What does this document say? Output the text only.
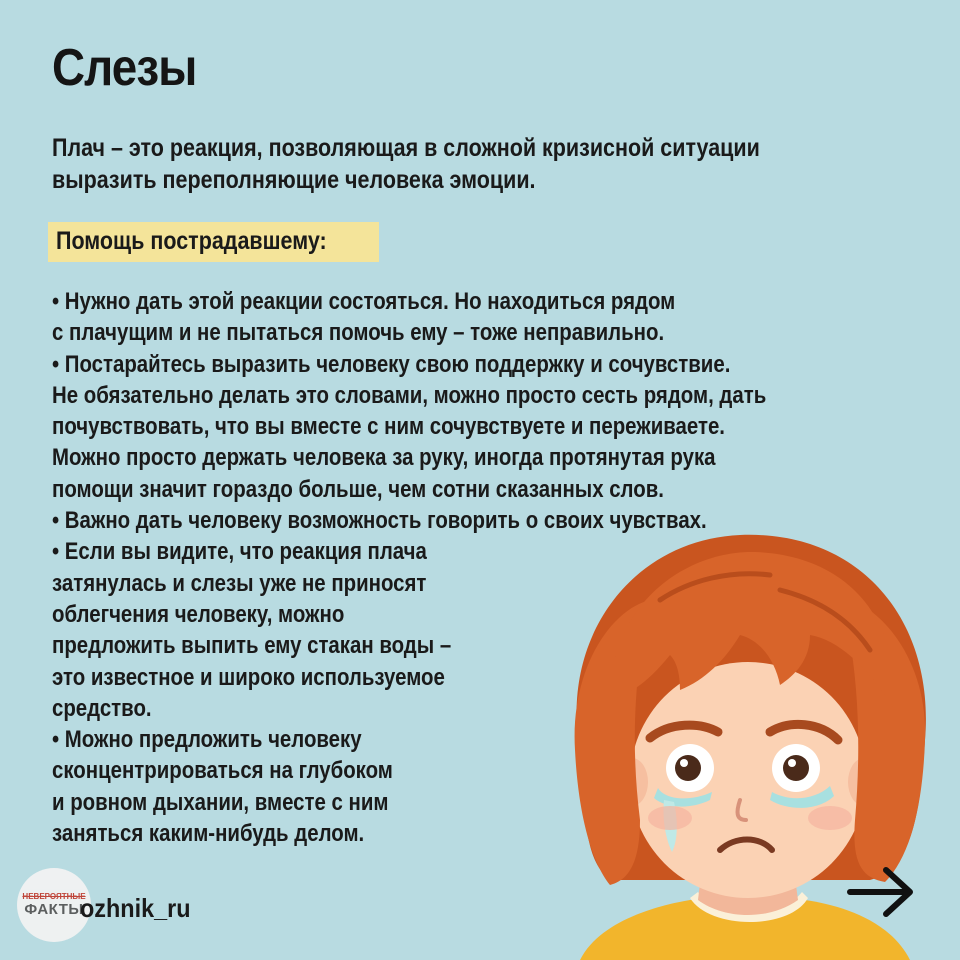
Слезы

Плач – это реакция, позволяющая в сложной кризисной ситуации выразить переполняющие человека эмоции.

Помощь пострадавшему:

• Нужно дать этой реакции состояться. Но находиться рядом
с плачущим и не пытаться помочь ему – тоже неправильно.

• Постарайтесь выразить человеку свою поддержку и сочувствие.
Не обязательно делать это словами, можно просто сесть рядом, дать
почувствовать, что вы вместе с ним сочувствуете и переживаете.
Можно просто держать человека за руку, иногда протянутая рука
помощи значит гораздо больше, чем сотни сказанных слов.

• Важно дать человеку возможность говорить о своих чувствах.

• Если вы видите, что реакция плача
затянулась и слезы уже не приносят
облегчения человеку, можно
предложить выпить ему стакан воды –
это известное и широко используемое
средство.

• Можно предложить человеку
сконцентрироваться на глубоком
и ровном дыхании, вместе с ним
заняться каким-нибудь делом.

НЕВЕРОЯТНЫЕ
ФАКТЫ
ozhnik_ru
